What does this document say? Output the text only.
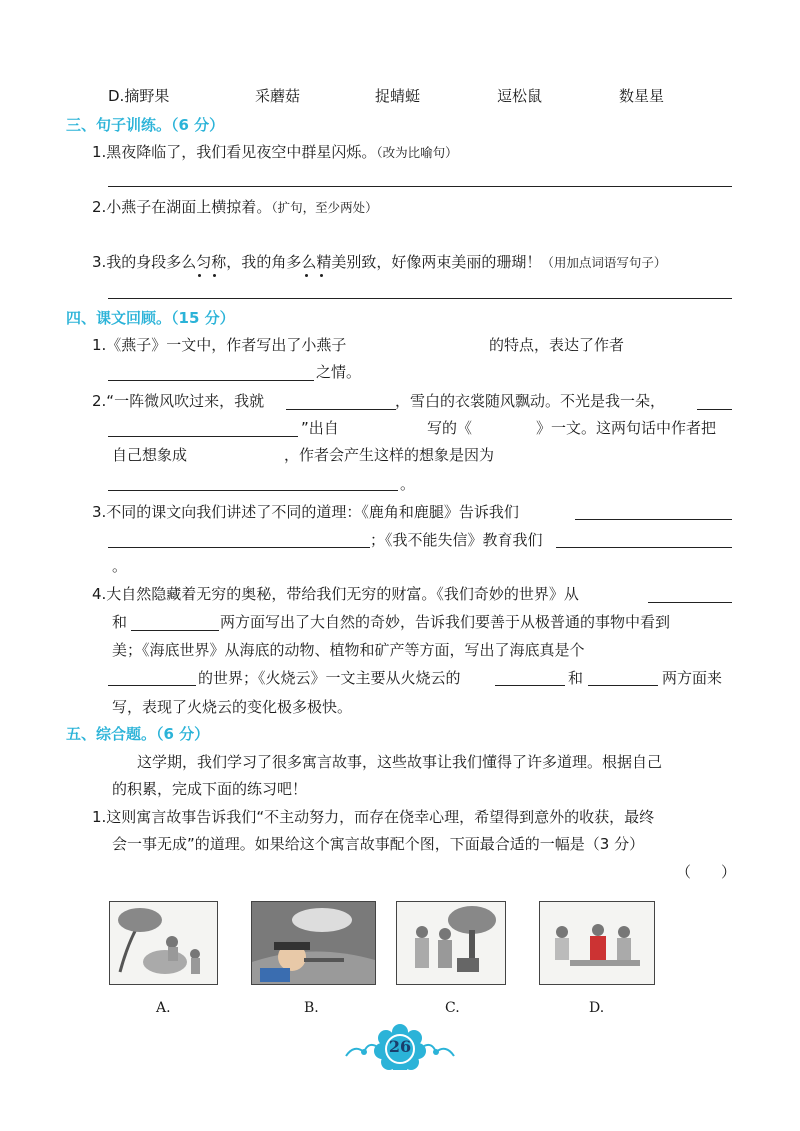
D.摘野果	采蘑菇	捉蜻蜓	逗松鼠	数星星
三、句子训练。（6 分）
1.黑夜降临了，我们看见夜空中群星闪烁。（改为比喻句）
2.小燕子在湖面上横掠着。（扩句，至少两处）
3.我的身段多么匀称，我的角多么精美别致，好像两束美丽的珊瑚！（用加点词语写句子）
四、课文回顾。（15 分）
1.《燕子》一文中，作者写出了小燕子	的特点，表达了作者
之情。
2.“一阵微风吹过来，我就	，雪白的衣裳随风飘动。不光是我一朵，
”出自	写的《	》一文。这两句话中作者把
自己想象成	，作者会产生这样的想象是因为
。
3.不同的课文向我们讲述了不同的道理：《鹿角和鹿腿》告诉我们
；《我不能失信》教育我们
。
4.大自然隐藏着无穷的奥秘，带给我们无穷的财富。《我们奇妙的世界》从
和	两方面写出了大自然的奇妙，告诉我们要善于从极普通的事物中看到
美；《海底世界》从海底的动物、植物和矿产等方面，写出了海底真是个
的世界；《火烧云》一文主要从火烧云的	和	两方面来
写，表现了火烧云的变化极多极快。
五、综合题。（6 分）
这学期，我们学习了很多寓言故事，这些故事让我们懂得了许多道理。根据自己
的积累，完成下面的练习吧！
1.这则寓言故事告诉我们“不主动努力，而存在侥幸心理，希望得到意外的收获，最终
会一事无成”的道理。如果给这个寓言故事配个图，下面最合适的一幅是（3 分）
（　　）
A.	B.	C.	D.
26
